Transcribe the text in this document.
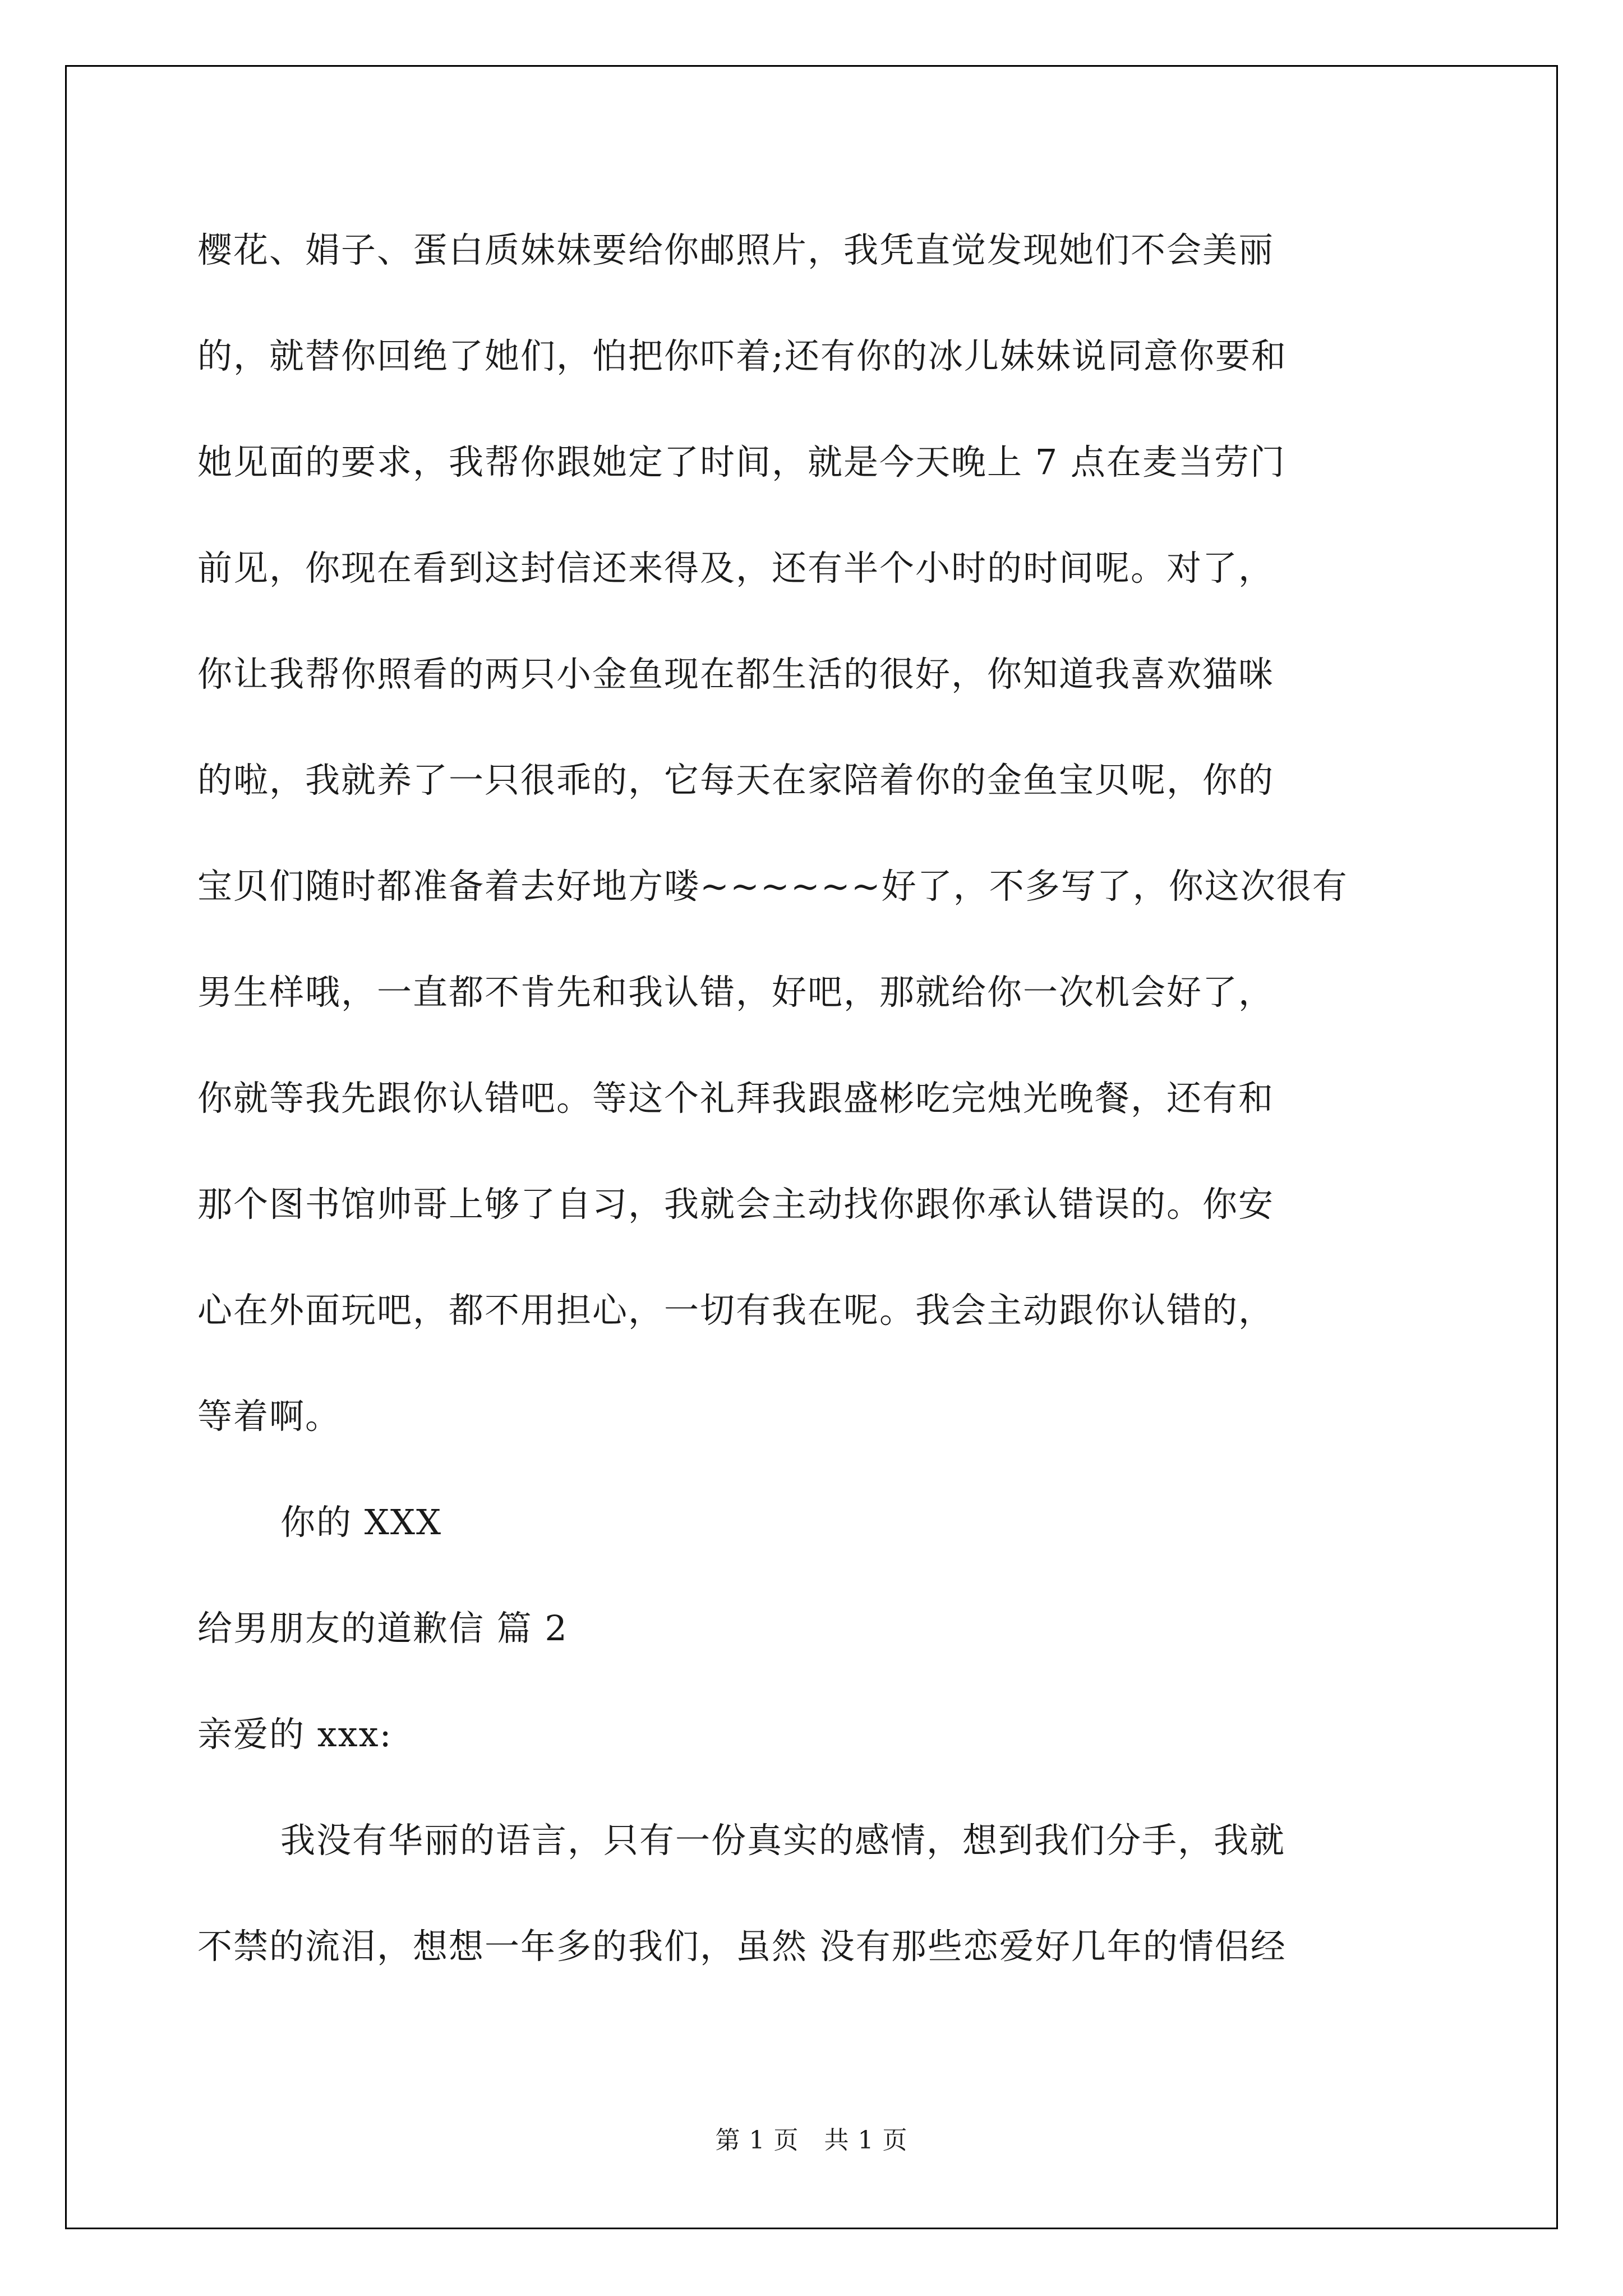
樱花、娟子、蛋白质妹妹要给你邮照片，我凭直觉发现她们不会美丽
的，就替你回绝了她们，怕把你吓着;还有你的冰儿妹妹说同意你要和
她见面的要求，我帮你跟她定了时间，就是今天晚上 7 点在麦当劳门
前见，你现在看到这封信还来得及，还有半个小时的时间呢。对了，
你让我帮你照看的两只小金鱼现在都生活的很好，你知道我喜欢猫咪
的啦，我就养了一只很乖的，它每天在家陪着你的金鱼宝贝呢，你的
宝贝们随时都准备着去好地方喽~~~~~~好了，不多写了，你这次很有
男生样哦，一直都不肯先和我认错，好吧，那就给你一次机会好了，
你就等我先跟你认错吧。等这个礼拜我跟盛彬吃完烛光晚餐，还有和
那个图书馆帅哥上够了自习，我就会主动找你跟你承认错误的。你安
心在外面玩吧，都不用担心，一切有我在呢。我会主动跟你认错的，
等着啊。
你的 XXX
给男朋友的道歉信 篇 2
亲爱的 xxx:
我没有华丽的语言，只有一份真实的感情，想到我们分手，我就
不禁的流泪，想想一年多的我们，虽然 没有那些恋爱好几年的情侣经
第 1 页　共 1 页
